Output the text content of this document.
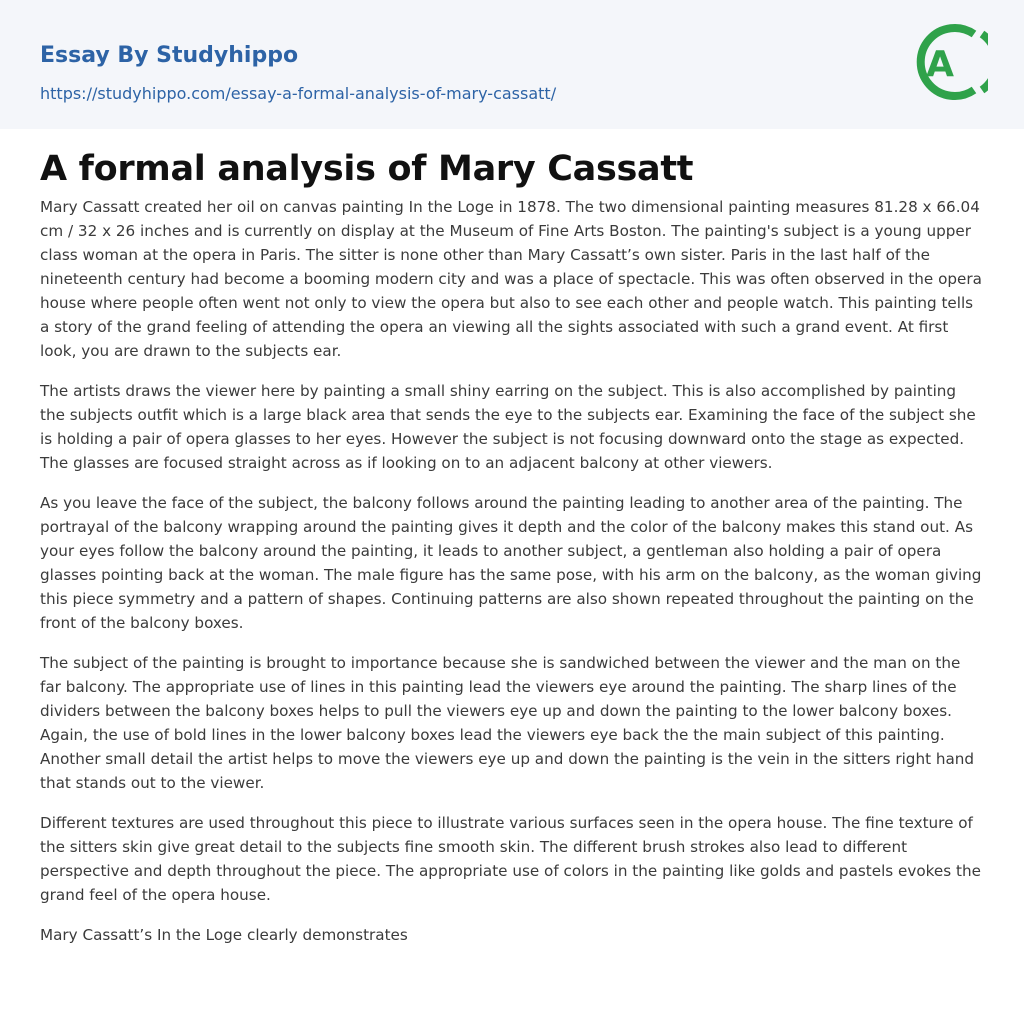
Essay By Studyhippo
https://studyhippo.com/essay-a-formal-analysis-of-mary-cassatt/
A
A formal analysis of Mary Cassatt

Mary Cassatt created her oil on canvas painting In the Loge in 1878. The two dimensional painting measures 81.28 x 66.04 cm / 32 x 26 inches and is currently on display at the Museum of Fine Arts Boston. The painting's subject is a young upper class woman at the opera in Paris. The sitter is none other than Mary Cassatt’s own sister. Paris in the last half of the nineteenth century had become a booming modern city and was a place of spectacle. This was often observed in the opera house where people often went not only to view the opera but also to see each other and people watch. This painting tells a story of the grand feeling of attending the opera an viewing all the sights associated with such a grand event. At first look, you are drawn to the subjects ear.

The artists draws the viewer here by painting a small shiny earring on the subject. This is also accomplished by painting the subjects outfit which is a large black area that sends the eye to the subjects ear. Examining the face of the subject she is holding a pair of opera glasses to her eyes. However the subject is not focusing downward onto the stage as expected. The glasses are focused straight across as if looking on to an adjacent balcony at other viewers.

As you leave the face of the subject, the balcony follows around the painting leading to another area of the painting. The portrayal of the balcony wrapping around the painting gives it depth and the color of the balcony makes this stand out. As your eyes follow the balcony around the painting, it leads to another subject, a gentleman also holding a pair of opera glasses pointing back at the woman. The male figure has the same pose, with his arm on the balcony, as the woman giving this piece symmetry and a pattern of shapes. Continuing patterns are also shown repeated throughout the painting on the front of the balcony boxes.

The subject of the painting is brought to importance because she is sandwiched between the viewer and the man on the far balcony. The appropriate use of lines in this painting lead the viewers eye around the painting. The sharp lines of the dividers between the balcony boxes helps to pull the viewers eye up and down the painting to the lower balcony boxes. Again, the use of bold lines in the lower balcony boxes lead the viewers eye back the the main subject of this painting. Another small detail the artist helps to move the viewers eye up and down the painting is the vein in the sitters right hand that stands out to the viewer.

Different textures are used throughout this piece to illustrate various surfaces seen in the opera house. The fine texture of the sitters skin give great detail to the subjects fine smooth skin. The different brush strokes also lead to different perspective and depth throughout the piece. The appropriate use of colors in the painting like golds and pastels evokes the grand feel of the opera house.

Mary Cassatt’s In the Loge clearly demonstrates
